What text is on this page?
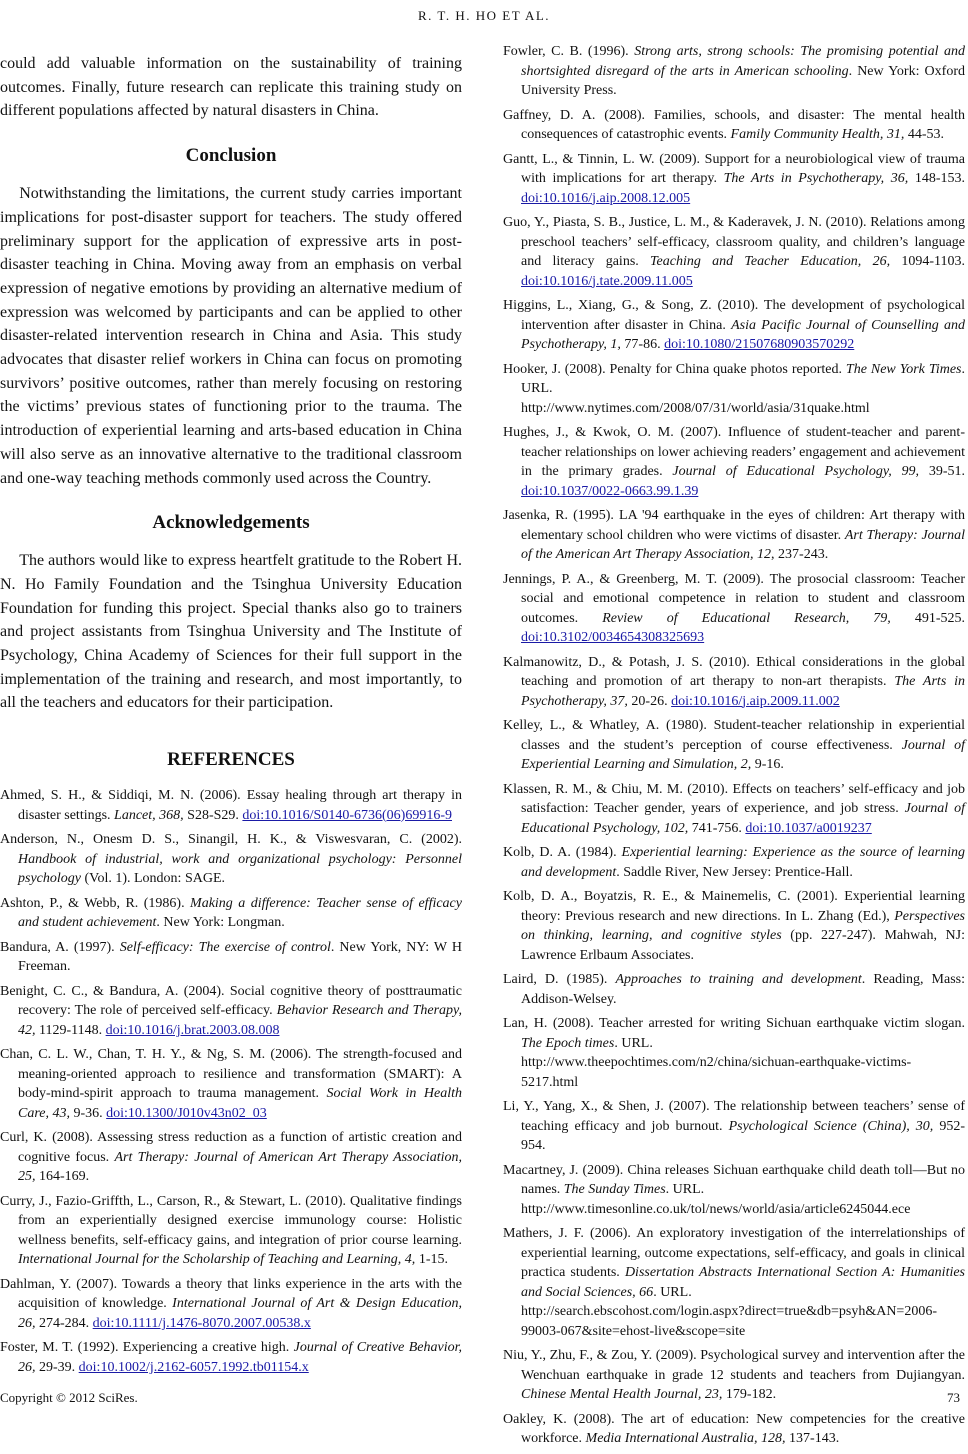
R. T. H. HO ET AL.

could add valuable information on the sustainability of training outcomes. Finally, future research can replicate this training study on different populations affected by natural disasters in China.

Conclusion

Notwithstanding the limitations, the current study carries important implications for post-disaster support for teachers. The study offered preliminary support for the application of expressive arts in post-disaster teaching in China. Moving away from an emphasis on verbal expression of negative emotions by providing an alternative medium of expression was welcomed by participants and can be applied to other disaster-related intervention research in China and Asia. This study advocates that disaster relief workers in China can focus on promoting survivors’ positive outcomes, rather than merely focusing on restoring the victims’ previous states of functioning prior to the trauma. The introduction of experiential learning and arts-based education in China will also serve as an innovative alternative to the traditional classroom and one-way teaching methods commonly used across the Country.

Acknowledgements

The authors would like to express heartfelt gratitude to the Robert H. N. Ho Family Foundation and the Tsinghua University Education Foundation for funding this project. Special thanks also go to trainers and project assistants from Tsinghua University and The Institute of Psychology, China Academy of Sciences for their full support in the implementation of the training and research, and most importantly, to all the teachers and educators for their participation.

REFERENCES

Ahmed, S. H., & Siddiqi, M. N. (2006). Essay healing through art therapy in disaster settings. Lancet, 368, S28-S29. doi:10.1016/S0140-6736(06)69916-9

Anderson, N., Onesm D. S., Sinangil, H. K., & Viswesvaran, C. (2002). Handbook of industrial, work and organizational psychology: Personnel psychology (Vol. 1). London: SAGE.

Ashton, P., & Webb, R. (1986). Making a difference: Teacher sense of efficacy and student achievement. New York: Longman.

Bandura, A. (1997). Self-efficacy: The exercise of control. New York, NY: W H Freeman.

Benight, C. C., & Bandura, A. (2004). Social cognitive theory of posttraumatic recovery: The role of perceived self-efficacy. Behavior Research and Therapy, 42, 1129-1148. doi:10.1016/j.brat.2003.08.008

Chan, C. L. W., Chan, T. H. Y., & Ng, S. M. (2006). The strength-focused and meaning-oriented approach to resilience and transformation (SMART): A body-mind-spirit approach to trauma management. Social Work in Health Care, 43, 9-36. doi:10.1300/J010v43n02_03

Curl, K. (2008). Assessing stress reduction as a function of artistic creation and cognitive focus. Art Therapy: Journal of American Art Therapy Association, 25, 164-169.

Curry, J., Fazio-Griffth, L., Carson, R., & Stewart, L. (2010). Qualitative findings from an experientially designed exercise immunology course: Holistic wellness benefits, self-efficacy gains, and integration of prior course learning. International Journal for the Scholarship of Teaching and Learning, 4, 1-15.

Dahlman, Y. (2007). Towards a theory that links experience in the arts with the acquisition of knowledge. International Journal of Art & Design Education, 26, 274-284. doi:10.1111/j.1476-8070.2007.00538.x

Foster, M. T. (1992). Experiencing a creative high. Journal of Creative Behavior, 26, 29-39. doi:10.1002/j.2162-6057.1992.tb01154.x

Fowler, C. B. (1996). Strong arts, strong schools: The promising potential and shortsighted disregard of the arts in American schooling. New York: Oxford University Press.

Gaffney, D. A. (2008). Families, schools, and disaster: The mental health consequences of catastrophic events. Family Community Health, 31, 44-53.

Gantt, L., & Tinnin, L. W. (2009). Support for a neurobiological view of trauma with implications for art therapy. The Arts in Psychotherapy, 36, 148-153. doi:10.1016/j.aip.2008.12.005

Guo, Y., Piasta, S. B., Justice, L. M., & Kaderavek, J. N. (2010). Relations among preschool teachers’ self-efficacy, classroom quality, and children’s language and literacy gains. Teaching and Teacher Education, 26, 1094-1103. doi:10.1016/j.tate.2009.11.005

Higgins, L., Xiang, G., & Song, Z. (2010). The development of psychological intervention after disaster in China. Asia Pacific Journal of Counselling and Psychotherapy, 1, 77-86. doi:10.1080/21507680903570292

Hooker, J. (2008). Penalty for China quake photos reported. The New York Times. URL.
http://www.nytimes.com/2008/07/31/world/asia/31quake.html

Hughes, J., & Kwok, O. M. (2007). Influence of student-teacher and parent-teacher relationships on lower achieving readers’ engagement and achievement in the primary grades. Journal of Educational Psychology, 99, 39-51. doi:10.1037/0022-0663.99.1.39

Jasenka, R. (1995). LA '94 earthquake in the eyes of children: Art therapy with elementary school children who were victims of disaster. Art Therapy: Journal of the American Art Therapy Association, 12, 237-243.

Jennings, P. A., & Greenberg, M. T. (2009). The prosocial classroom: Teacher social and emotional competence in relation to student and classroom outcomes. Review of Educational Research, 79, 491-525. doi:10.3102/0034654308325693

Kalmanowitz, D., & Potash, J. S. (2010). Ethical considerations in the global teaching and promotion of art therapy to non-art therapists. The Arts in Psychotherapy, 37, 20-26. doi:10.1016/j.aip.2009.11.002

Kelley, L., & Whatley, A. (1980). Student-teacher relationship in experiential classes and the student’s perception of course effectiveness. Journal of Experiential Learning and Simulation, 2, 9-16.

Klassen, R. M., & Chiu, M. M. (2010). Effects on teachers’ self-efficacy and job satisfaction: Teacher gender, years of experience, and job stress. Journal of Educational Psychology, 102, 741-756. doi:10.1037/a0019237

Kolb, D. A. (1984). Experiential learning: Experience as the source of learning and development. Saddle River, New Jersey: Prentice-Hall.

Kolb, D. A., Boyatzis, R. E., & Mainemelis, C. (2001). Experiential learning theory: Previous research and new directions. In L. Zhang (Ed.), Perspectives on thinking, learning, and cognitive styles (pp. 227-247). Mahwah, NJ: Lawrence Erlbaum Associates.

Laird, D. (1985). Approaches to training and development. Reading, Mass: Addison-Welsey.

Lan, H. (2008). Teacher arrested for writing Sichuan earthquake victim slogan. The Epoch times. URL.
http://www.theepochtimes.com/n2/china/sichuan-earthquake-victims-5217.html

Li, Y., Yang, X., & Shen, J. (2007). The relationship between teachers’ sense of teaching efficacy and job burnout. Psychological Science (China), 30, 952-954.

Macartney, J. (2009). China releases Sichuan earthquake child death toll—But no names. The Sunday Times. URL.
http://www.timesonline.co.uk/tol/news/world/asia/article6245044.ece

Mathers, J. F. (2006). An exploratory investigation of the interrelationships of experiential learning, outcome expectations, self-efficacy, and goals in clinical practica students. Dissertation Abstracts International Section A: Humanities and Social Sciences, 66. URL.
http://search.ebscohost.com/login.aspx?direct=true&db=psyh&AN=2006-99003-067&site=ehost-live&scope=site

Niu, Y., Zhu, F., & Zou, Y. (2009). Psychological survey and intervention after the Wenchuan earthquake in grade 12 students and teachers from Dujiangyan. Chinese Mental Health Journal, 23, 179-182.

Oakley, K. (2008). The art of education: New competencies for the creative workforce. Media International Australia, 128, 137-143.

Copyright © 2012 SciRes.	73
